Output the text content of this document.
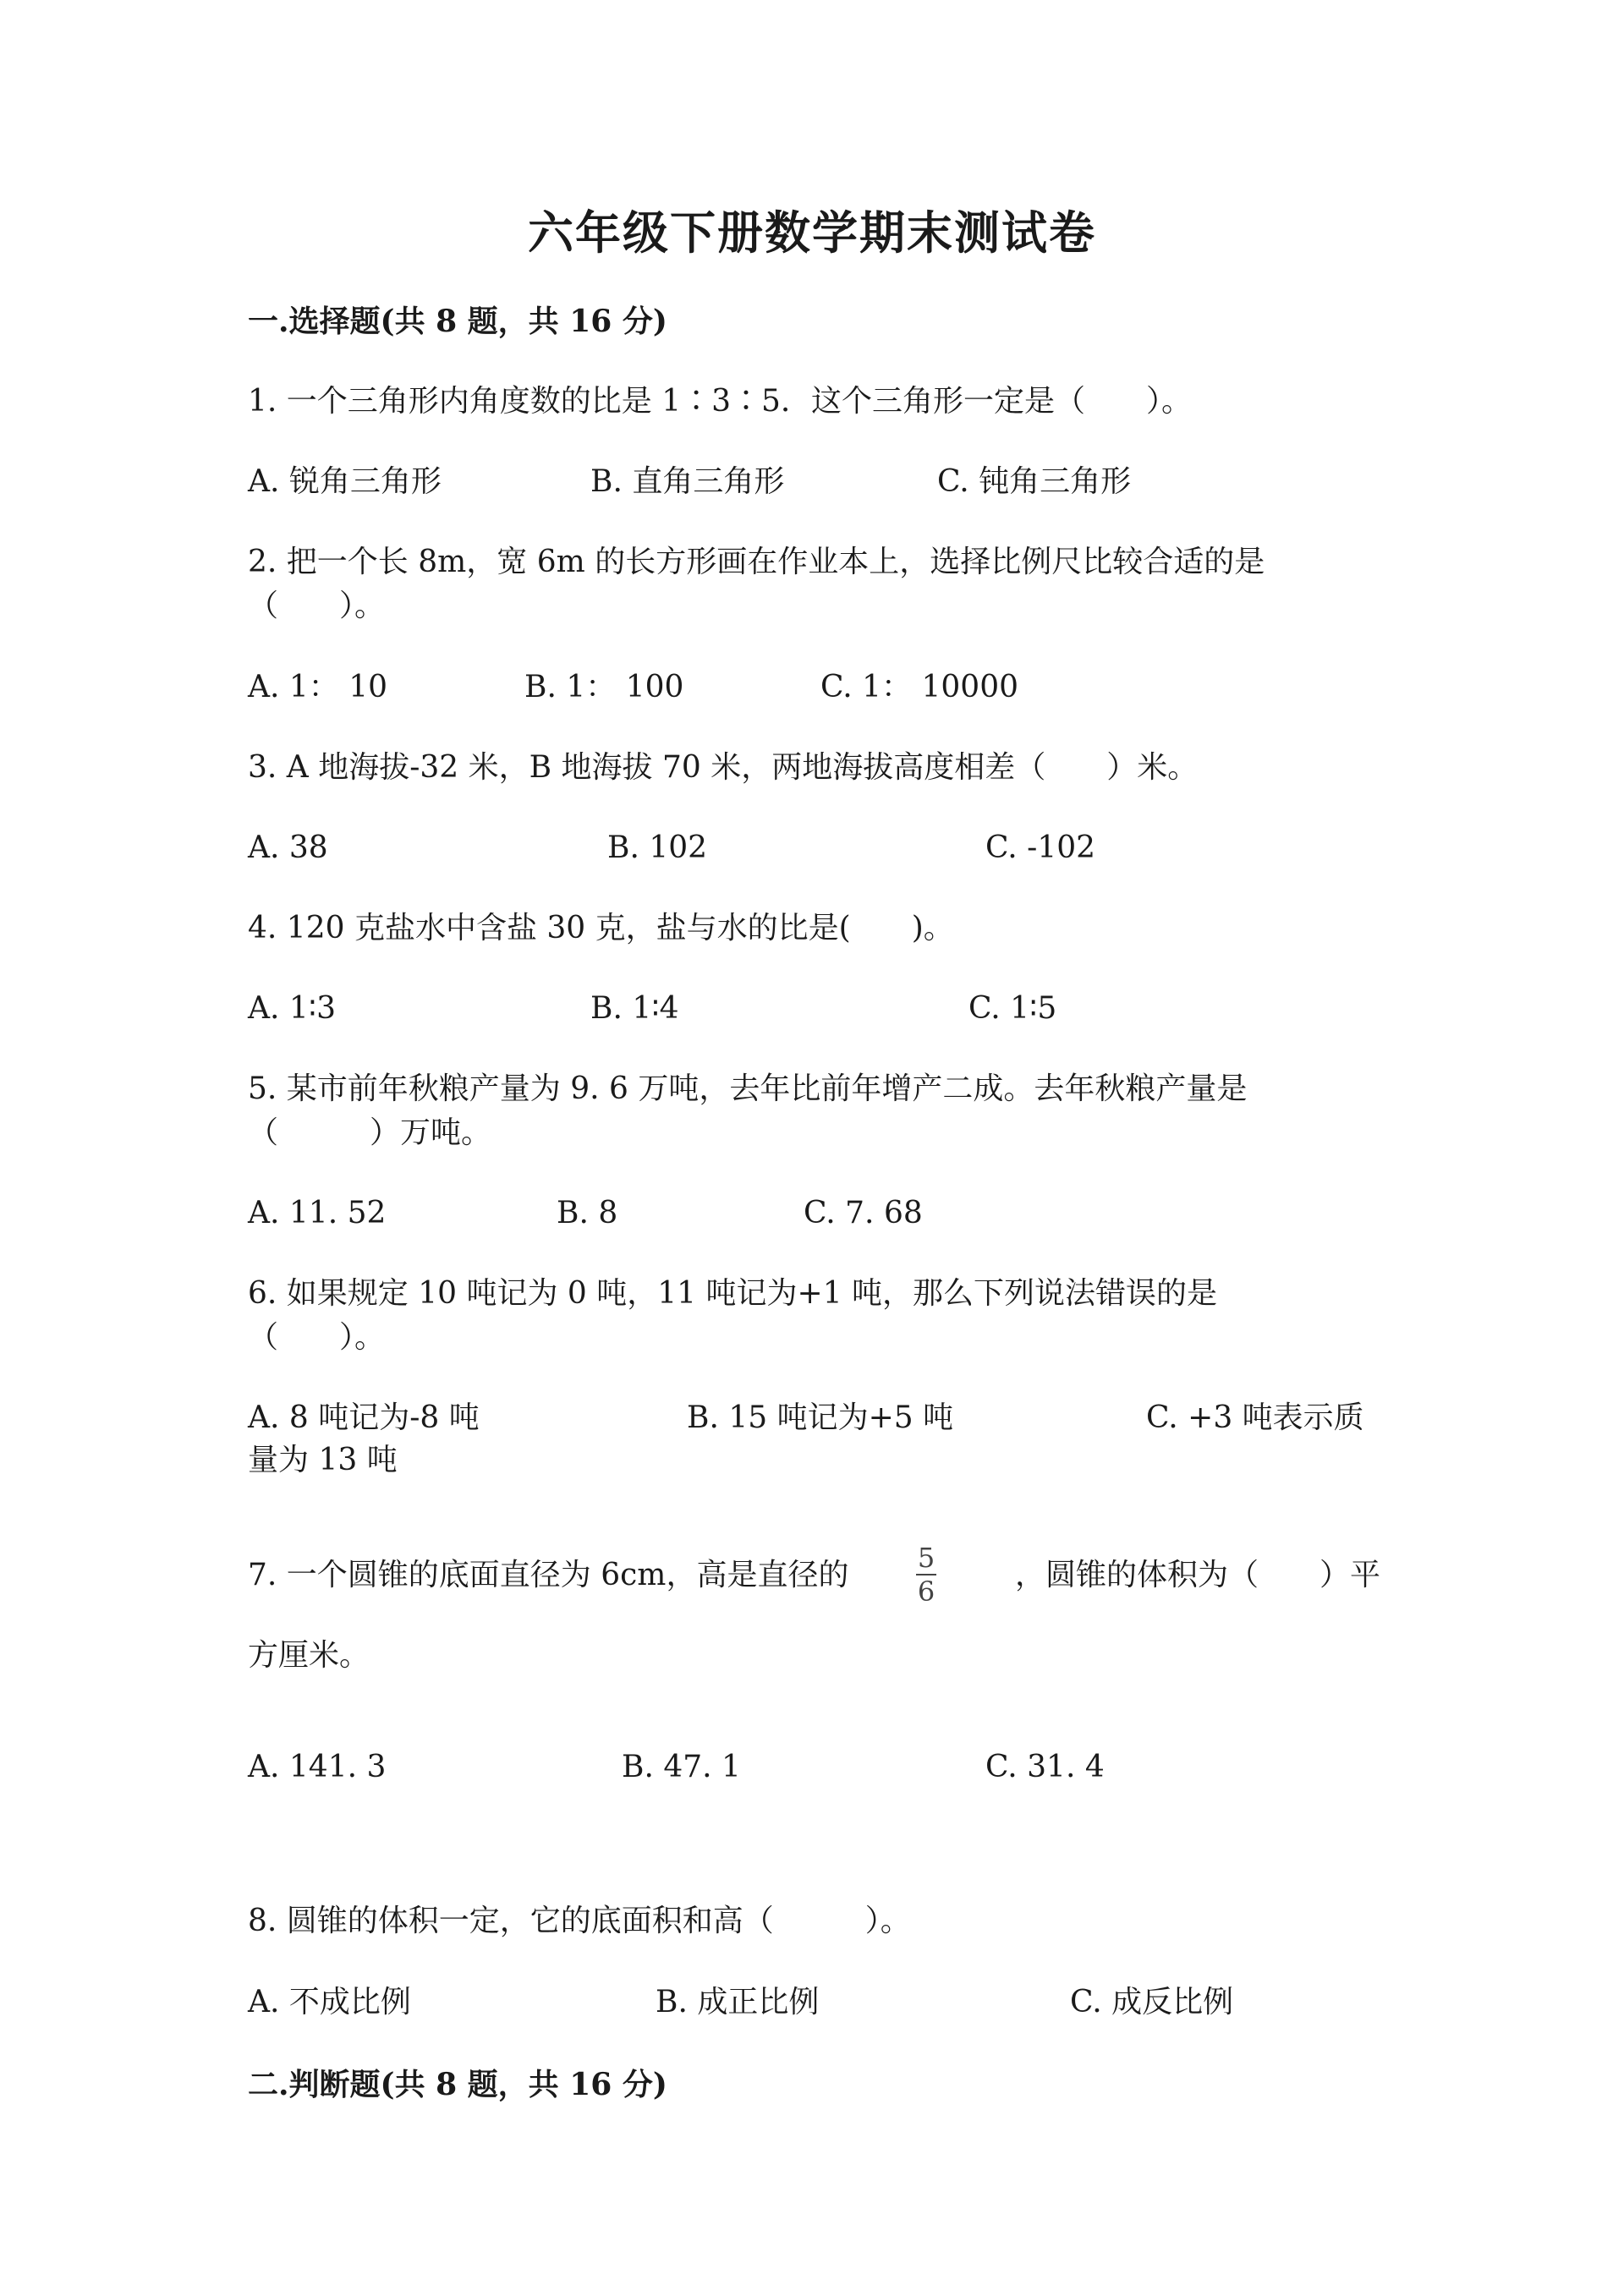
六年级下册数学期末测试卷
一.选择题(共 8 题，共 16 分)
1. 一个三角形内角度数的比是 1∶3∶5．这个三角形一定是（　　）。
A. 锐角三角形	B. 直角三角形	C. 钝角三角形
2. 把一个长 8m，宽 6m 的长方形画在作业本上，选择比例尺比较合适的是
（　　）。
A. 1： 10	B. 1： 100	C. 1： 10000
3. A 地海拔-32 米，B 地海拔 70 米，两地海拔高度相差（　　）米。
A. 38	B. 102	C. -102
4. 120 克盐水中含盐 30 克，盐与水的比是(　　)。
A. 1∶3	B. 1∶4	C. 1∶5
5. 某市前年秋粮产量为 9. 6 万吨，去年比前年增产二成。去年秋粮产量是
（　　　）万吨。
A. 11. 52	B. 8	C. 7. 68
6. 如果规定 10 吨记为 0 吨，11 吨记为+1 吨，那么下列说法错误的是
（　　）。
A. 8 吨记为-8 吨	B. 15 吨记为+5 吨	C. +3 吨表示质
量为 13 吨
7. 一个圆锥的底面直径为 6cm，高是直径的	5
6	，圆锥的体积为（　　）平
方厘米。
A. 141. 3	B. 47. 1	C. 31. 4
8. 圆锥的体积一定，它的底面积和高（　　　）。
A. 不成比例	B. 成正比例	C. 成反比例
二.判断题(共 8 题，共 16 分)
